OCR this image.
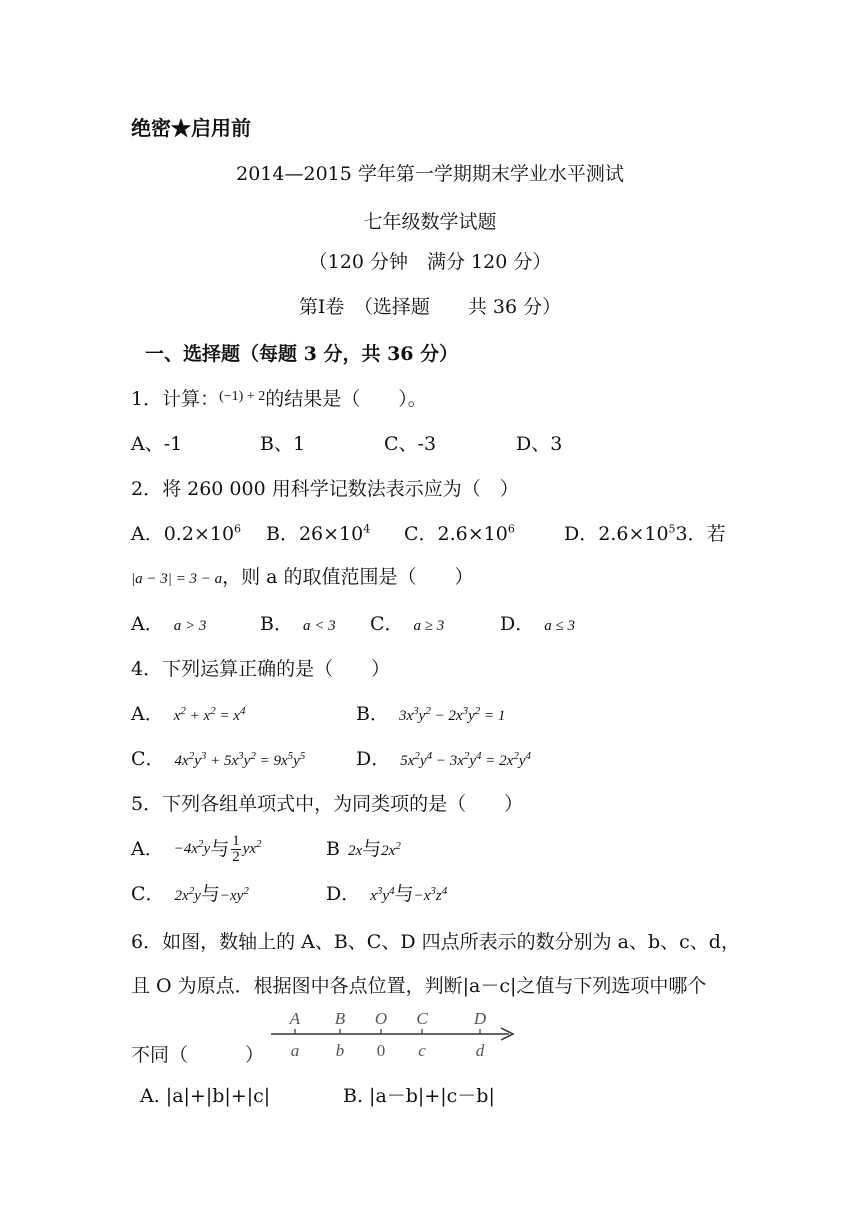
绝密★启用前
2014—2015 学年第一学期期末学业水平测试
七年级数学试题
（120 分钟　满分 120 分）
第Ⅰ卷　（选择题　　共 36 分）
一、选择题（每题 3 分，共 36 分）
1．计算：$^{(-1) + 2}$的结果是（　　）。
A、-1	B、1	C、-3	D、3
2．将 260 000 用科学记数法表示应为（　）
A．$0.2\times 10^6$ B．$26\times 10^4$ C．$2.6\times 10^6$	D．$2.6\times 10^53$．若
|a − 3| = 3 − a，则 a 的取值范围是（　　）
A． a > 3	B． a < 3 C． a ≥ 3	D． a ≤ 3
4．下列运算正确的是（　　）
A． $x^2 + x^2 = x^4$	B． $3x^3y^2 - 2x^3y^2 = 1$
C． $4x^2y^3 + 5x^3y^2 = 9x^5y^5$	D． $5x^2y^4 - 3x^2y^4 = 2x^2y^4$
5．下列各组单项式中，为同类项的是（　　）
A． $-4x^2y$ 与 $\frac{1}{2} yx^2$	B 2x与$2x^2$
C． $2x^2y$与$-xy^2$	D． $x^3y^4$与$-x^3z^4$
6．如图，数轴上的 A、B、C、D 四点所表示的数分别为 a、b、c、d，
且 O 为原点．根据图中各点位置，判断|a－c|之值与下列选项中哪个
不同（　　　）
A
a
B
b
O
0
C
c
D
d
A. |a|+|b|+|c|	B. |a－b|+|c－b|
